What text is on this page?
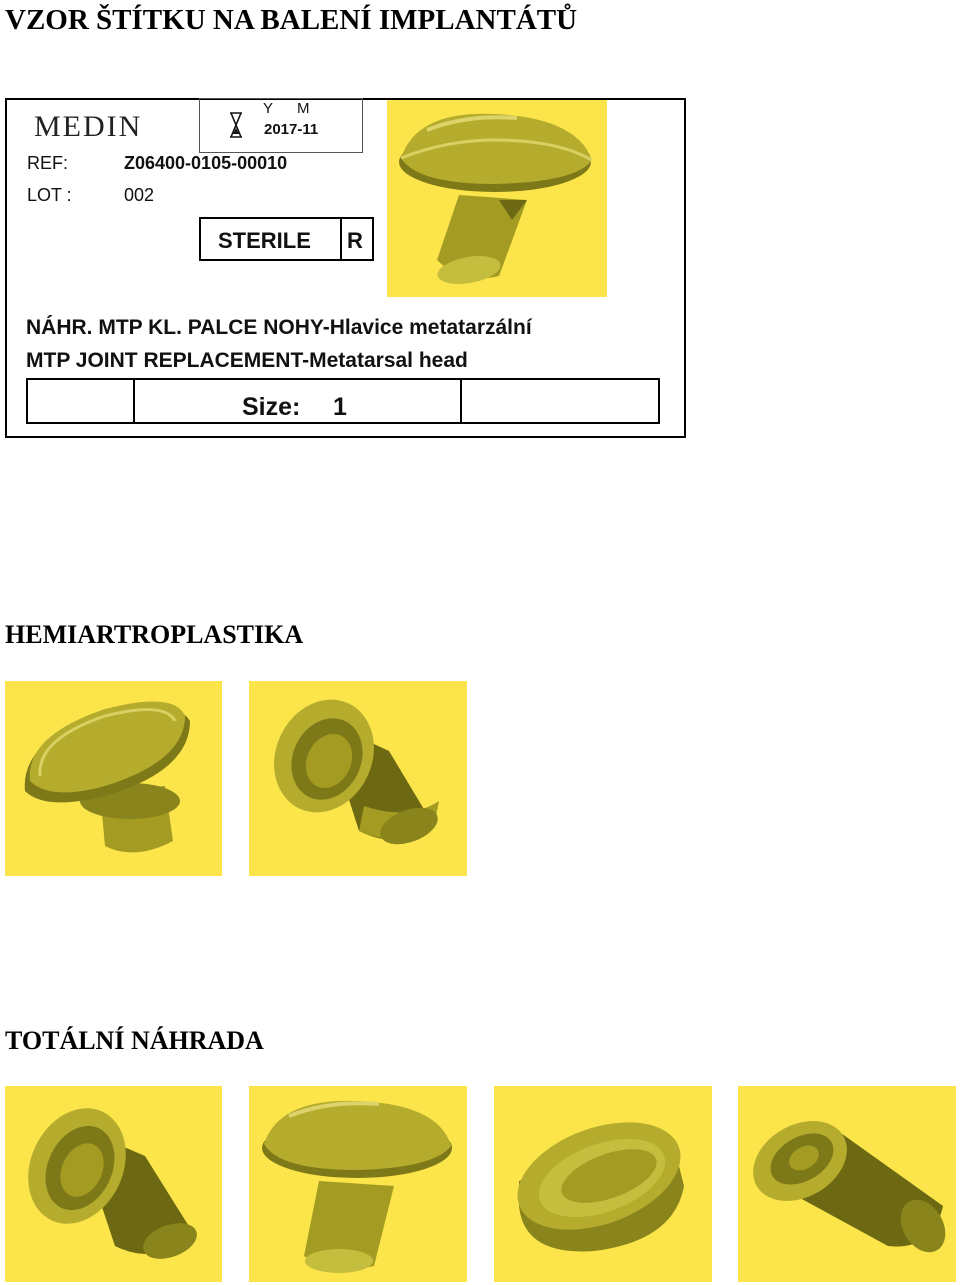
VZOR ŠTÍTKU NA BALENÍ IMPLANTÁTŮ
MEDIN
Y M
2017-11
REF:	Z06400-0105-00010
LOT :	002
STERILE R
NÁHR. MTP KL. PALCE NOHY-Hlavice metatarzální
MTP JOINT REPLACEMENT-Metatarsal head
Size: 1
HEMIARTROPLASTIKA
TOTÁLNÍ NÁHRADA
